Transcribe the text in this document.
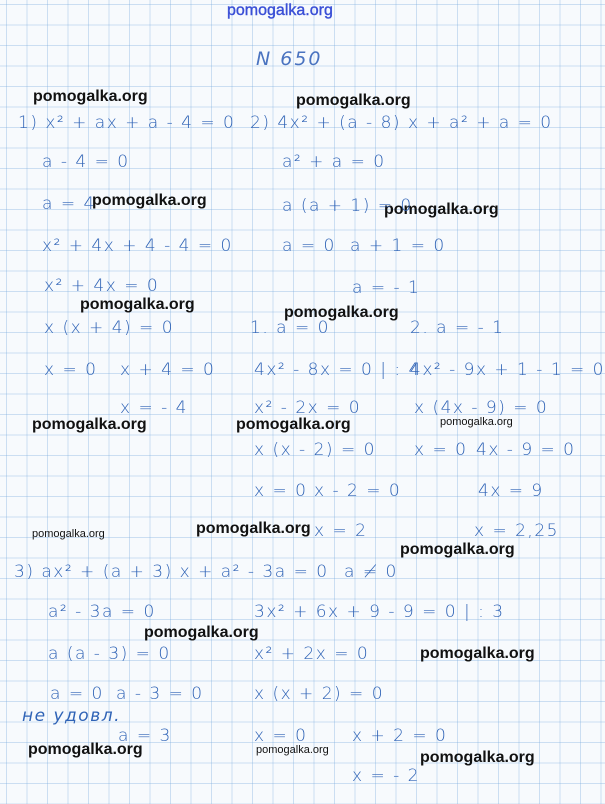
pomogalka.org
pomogalka.org	pomogalka.org
pomogalka.org
pomogalka.org
pomogalka.org	pomogalka.org
pomogalka.org	pomogalka.org	pomogalka.org
pomogalka.org	pomogalka.org
pomogalka.org
pomogalka.org
pomogalka.org
pomogalka.org	pomogalka.org	pomogalka.org
N 650
1) x² + ax + a - 4 = 0
a - 4 = 0
a = 4
x² + 4x + 4 - 4 = 0
x² + 4x = 0
x (x + 4) = 0
x = 0 x + 4 = 0
x = - 4
2) 4x² + (a - 8) x + a² + a = 0
a² + a = 0
a (a + 1) = 0
a = 0 a + 1 = 0
a = - 1
1. a = 0
4x² - 8x = 0 | : 4
x² - 2x = 0
x (x - 2) = 0
x = 0 x - 2 = 0
x = 2
2. a = - 1
4x² - 9x + 1 - 1 = 0
x (4x - 9) = 0
x = 0 4x - 9 = 0
4x = 9
x = 2,25
3) ax² + (a + 3) x + a² - 3a = 0 a ≠ 0
a² - 3a = 0
a (a - 3) = 0
a = 0 a - 3 = 0
не удовл.
a = 3
3x² + 6x + 9 - 9 = 0 | : 3
x² + 2x = 0
x (x + 2) = 0
x = 0	x + 2 = 0
x = - 2
